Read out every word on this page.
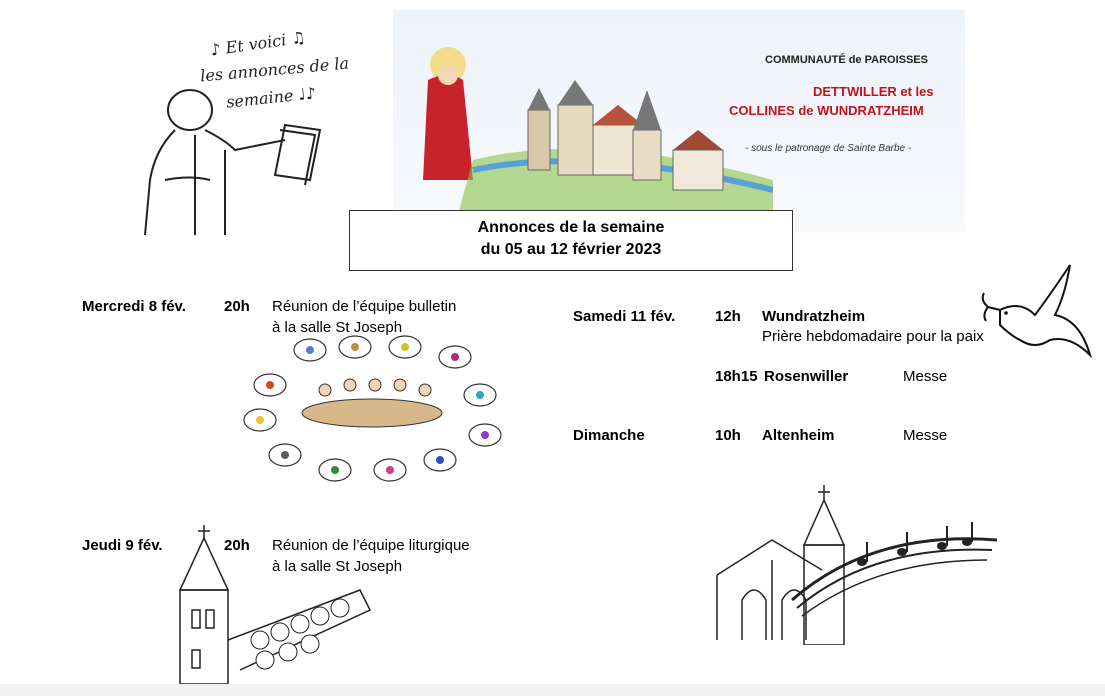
♪ Et voici ♫
les annonces de la
semaine ♩♪
COMMUNAUTÉ de PAROISSES
DETTWILLER et les
COLLINES de WUNDRATZHEIM
- sous le patronage de Sainte Barbe -
Annonces de la semaine
du 05 au 12 février 2023
Mercredi 8 fév.	20h Réunion de l’équipe bulletin
à la salle St Joseph
Jeudi 9 fév.	20h Réunion de l’équipe liturgique
à la salle St Joseph
Samedi 11 fév.	12h Wundratzheim
Prière hebdomadaire pour la paix
18h15 Rosenwiller	Messe
Dimanche	10h Altenheim	Messe
